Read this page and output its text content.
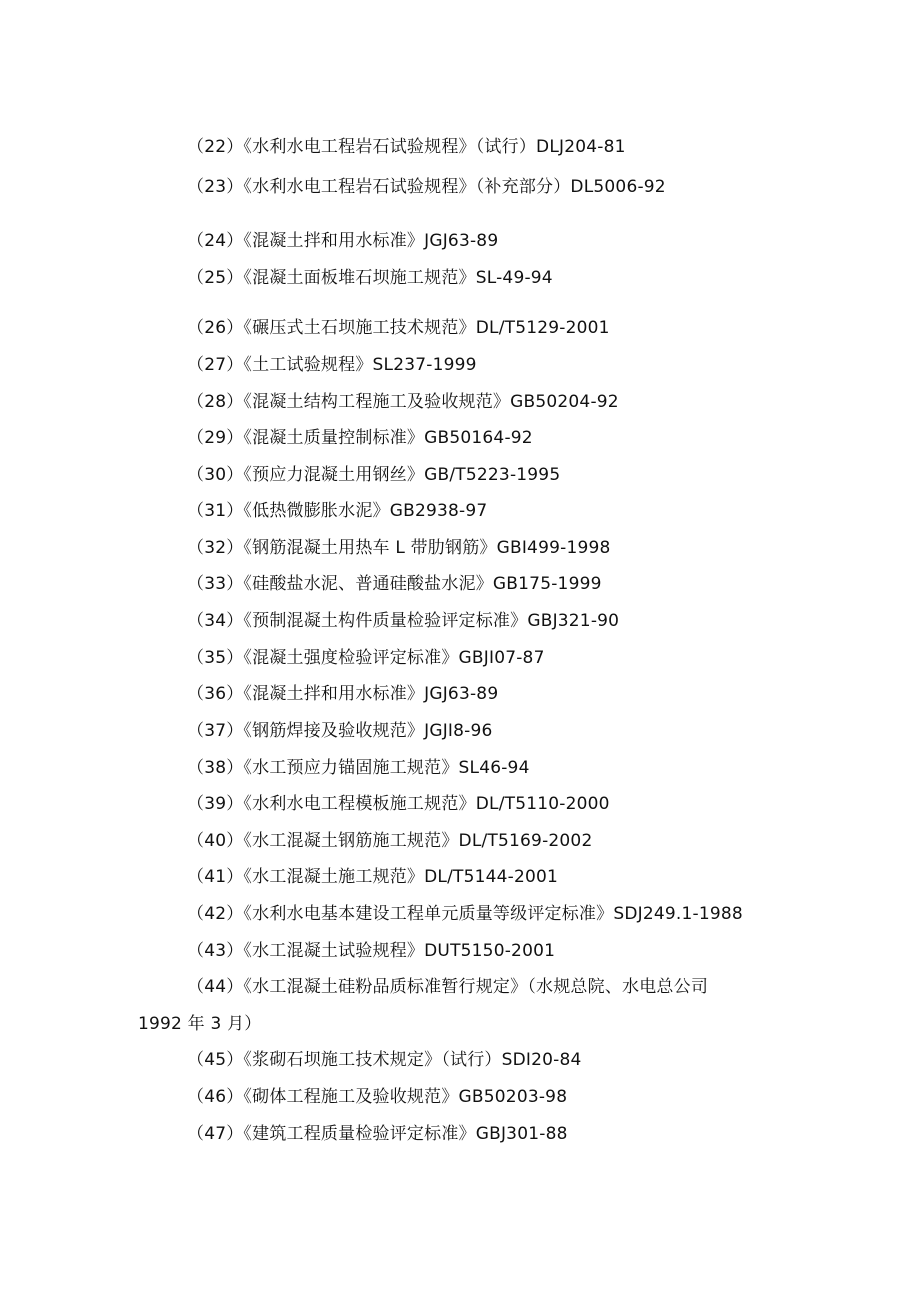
（22）《水利水电工程岩石试验规程》（试行）DLJ204-81
（23）《水利水电工程岩石试验规程》（补充部分）DL5006-92
（24）《混凝土拌和用水标准》JGJ63-89
（25）《混凝土面板堆石坝施工规范》SL-49-94
（26）《碾压式土石坝施工技术规范》DL/T5129-2001
（27）《土工试验规程》SL237-1999
（28）《混凝土结构工程施工及验收规范》GB50204-92
（29）《混凝土质量控制标准》GB50164-92
（30）《预应力混凝土用钢丝》GB/T5223-1995
（31）《低热微膨胀水泥》GB2938-97
（32）《钢筋混凝土用热车 L 带肋钢筋》GBI499-1998
（33）《硅酸盐水泥、普通硅酸盐水泥》GB175-1999
（34）《预制混凝土构件质量检验评定标准》GBJ321-90
（35）《混凝土强度检验评定标准》GBJI07-87
（36）《混凝土拌和用水标准》JGJ63-89
（37）《钢筋焊接及验收规范》JGJI8-96
（38）《水工预应力锚固施工规范》SL46-94
（39）《水利水电工程模板施工规范》DL/T5110-2000
（40）《水工混凝土钢筋施工规范》DL/T5169-2002
（41）《水工混凝土施工规范》DL/T5144-2001
（42）《水利水电基本建设工程单元质量等级评定标准》SDJ249.1-1988
（43）《水工混凝土试验规程》DUT5150-2001
（44）《水工混凝土硅粉品质标准暂行规定》（水规总院、水电总公司
1992 年 3 月）
（45）《浆砌石坝施工技术规定》（试行）SDI20-84
（46）《砌体工程施工及验收规范》GB50203-98
（47）《建筑工程质量检验评定标准》GBJ301-88
